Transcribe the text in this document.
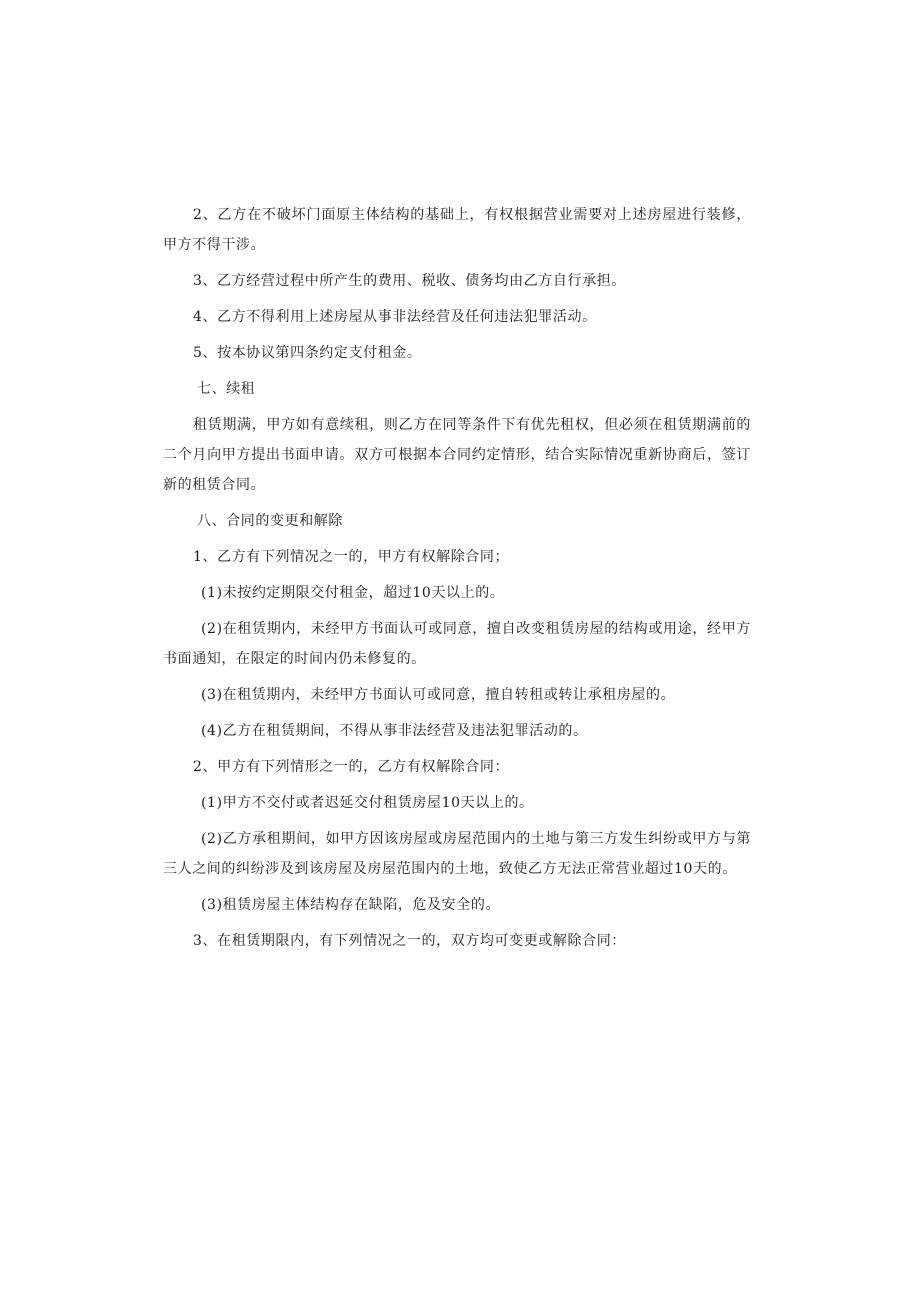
2、乙方在不破坏门面原主体结构的基础上，有权根据营业需要对上述房屋进行装修，甲方不得干涉。

3、乙方经营过程中所产生的费用、税收、债务均由乙方自行承担。

4、乙方不得利用上述房屋从事非法经营及任何违法犯罪活动。

5、按本协议第四条约定支付租金。

七、续租

租赁期满，甲方如有意续租，则乙方在同等条件下有优先租权，但必须在租赁期满前的二个月向甲方提出书面申请。双方可根据本合同约定情形，结合实际情况重新协商后，签订新的租赁合同。

八、合同的变更和解除

1、乙方有下列情况之一的，甲方有权解除合同；

(1)未按约定期限交付租金，超过10天以上的。

(2)在租赁期内，未经甲方书面认可或同意，擅自改变租赁房屋的结构或用途，经甲方书面通知，在限定的时间内仍未修复的。

(3)在租赁期内，未经甲方书面认可或同意，擅自转租或转让承租房屋的。

(4)乙方在租赁期间，不得从事非法经营及违法犯罪活动的。

2、甲方有下列情形之一的，乙方有权解除合同：

(1)甲方不交付或者迟延交付租赁房屋10天以上的。

(2)乙方承租期间，如甲方因该房屋或房屋范围内的土地与第三方发生纠纷或甲方与第三人之间的纠纷涉及到该房屋及房屋范围内的土地，致使乙方无法正常营业超过10天的。

(3)租赁房屋主体结构存在缺陷，危及安全的。

3、在租赁期限内，有下列情况之一的，双方均可变更或解除合同：
